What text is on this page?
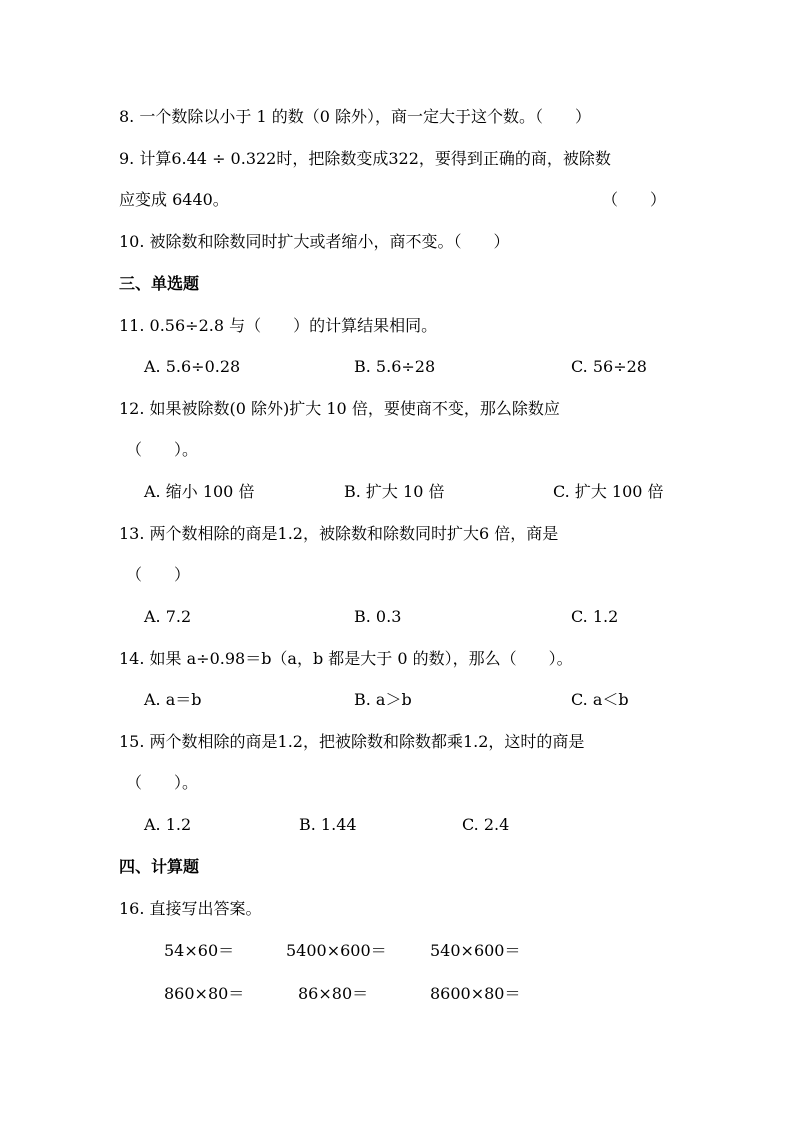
8. 一个数除以小于 1 的数（0 除外），商一定大于这个数。（　　）
9. 计算6.44 ÷ 0.322时，把除数变成322，要得到正确的商，被除数
应变成 6440。	（　　）
10. 被除数和除数同时扩大或者缩小，商不变。（　　）
三、单选题
11. 0.56÷2.8 与（　　）的计算结果相同。
A. 5.6÷0.28	B. 5.6÷28	C. 56÷28
12. 如果被除数(0 除外)扩大 10 倍，要使商不变，那么除数应
（　　）。
A. 缩小 100 倍	B. 扩大 10 倍	C. 扩大 100 倍
13. 两个数相除的商是1.2，被除数和除数同时扩大6 倍，商是
（　　）
A. 7.2	B. 0.3	C. 1.2
14. 如果 a÷0.98＝b（a，b 都是大于 0 的数），那么（　　）。
A. a＝b	B. a＞b	C. a＜b
15. 两个数相除的商是1.2，把被除数和除数都乘1.2，这时的商是
（　　）。
A. 1.2	B. 1.44	C. 2.4
四、计算题
16. 直接写出答案。
54×60＝	5400×600＝	540×600＝
860×80＝	86×80＝	8600×80＝
